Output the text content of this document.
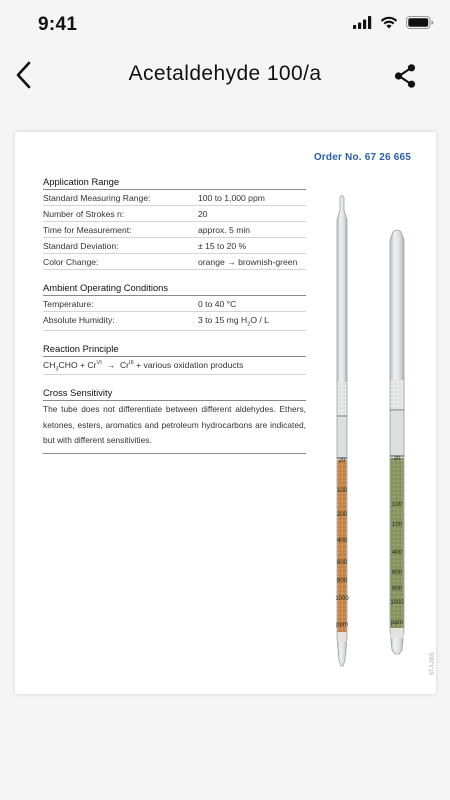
9:41
Acetaldehyde 100/a
Order No. 67 26 665
Application Range
Standard Measuring Range:	100 to 1,000 ppm
Number of Strokes n:	20
Time for Measurement:	approx. 5 min
Standard Deviation:	± 15 to 20 %
Color Change:	orange → brownish-green
Ambient Operating Conditions
Temperature:	0 to 40 °C
Absolute Humidity:	3 to 15 mg $H_2O$ / L
Reaction Principle
$CH_3CHO + Cr^{VI} \to Cr^{III}$ + various oxidation products
Cross Sensitivity
The tube does not differentiate between different aldehydes. Ethers, ketones, esters, aromatics and petroleum hydrocarbons are indicated, but with different sensitivities.
20
100
200
400
600
800
1000
ppm
20
100
100
400
600
800
1000
ppm
ST-3-2001
